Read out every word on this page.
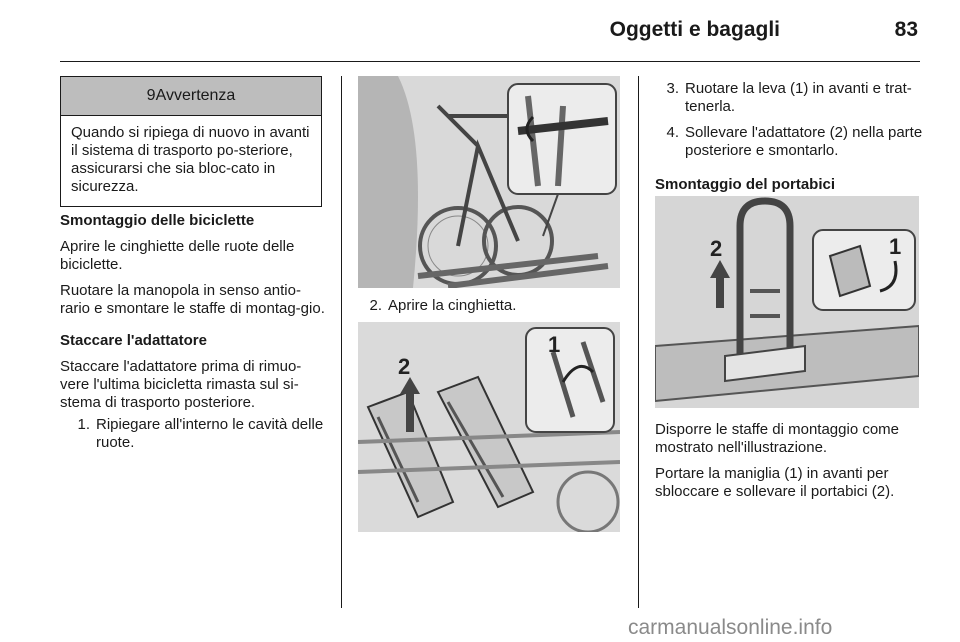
Oggetti e bagagli	83
9 Avvertenza
Quando si ripiega di nuovo in avanti il sistema di trasporto po-steriore, assicurarsi che sia bloc-cato in sicurezza.

Smontaggio delle biciclette

Aprire le cinghiette delle ruote delle biciclette.

Ruotare la manopola in senso antio-rario e smontare le staffe di montag-gio.

Staccare l'adattatore

Staccare l'adattatore prima di rimuo-vere l'ultima bicicletta rimasta sul si-stema di trasporto posteriore.

1. Ripiegare all'interno le cavità delle ruote.
2. Aprire la cinghietta.
2
1
3. Ruotare la leva (1) in avanti e trat-tenerla.
4. Sollevare l'adattatore (2) nella parte posteriore e smontarlo.

Smontaggio del portabici

2	1

Disporre le staffe di montaggio come mostrato nell'illustrazione.

Portare la maniglia (1) in avanti per sbloccare e sollevare il portabici (2).

carmanualsonline.info
